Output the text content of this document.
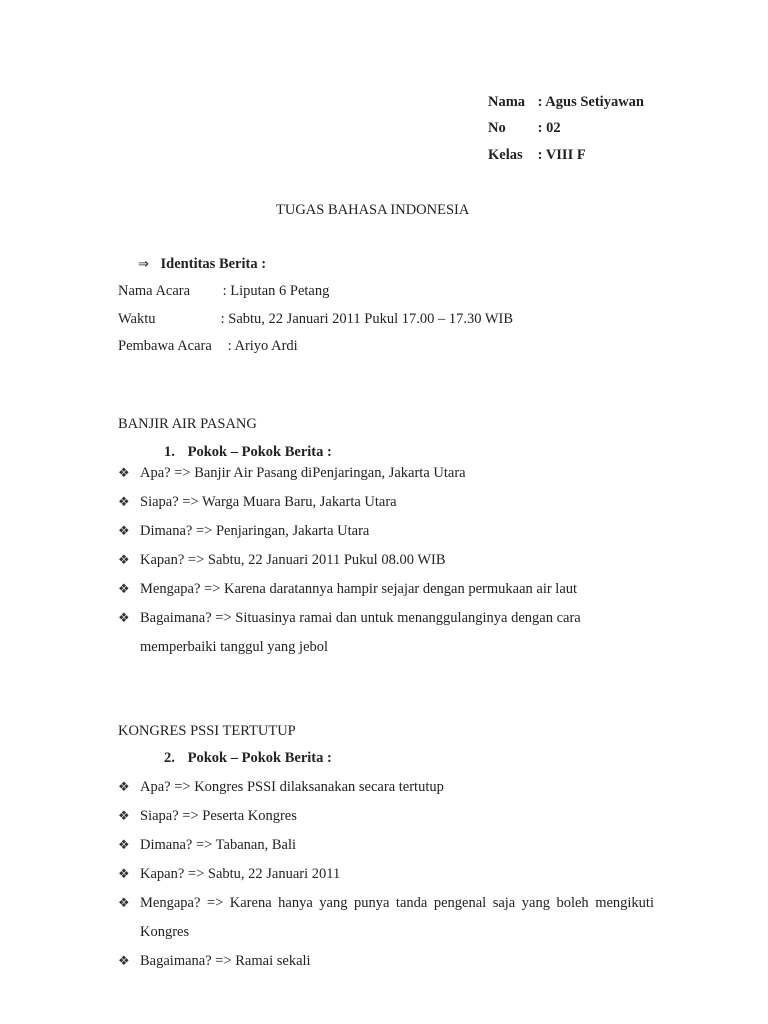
Nama : Agus Setiyawan
No : 02
Kelas : VIII F
TUGAS BAHASA INDONESIA
⇒ Identitas Berita :
Nama Acara : Liputan 6 Petang
Waktu	: Sabtu, 22 Januari 2011 Pukul 17.00 – 17.30 WIB
Pembawa Acara : Ariyo Ardi
BANJIR AIR PASANG
1. Pokok – Pokok Berita :
❖ Apa? => Banjir Air Pasang diPenjaringan, Jakarta Utara
❖ Siapa? => Warga Muara Baru, Jakarta Utara
❖ Dimana? => Penjaringan, Jakarta Utara
❖ Kapan? => Sabtu, 22 Januari 2011 Pukul 08.00 WIB
❖ Mengapa? => Karena daratannya hampir sejajar dengan permukaan air laut
❖ Bagaimana? => Situasinya ramai dan untuk menanggulanginya dengan cara memperbaiki tanggul yang jebol
KONGRES PSSI TERTUTUP
2. Pokok – Pokok Berita :
❖ Apa? => Kongres PSSI dilaksanakan secara tertutup
❖ Siapa? => Peserta Kongres
❖ Dimana? => Tabanan, Bali
❖ Kapan? => Sabtu, 22 Januari 2011
❖ Mengapa? => Karena hanya yang punya tanda pengenal saja yang boleh mengikuti Kongres
❖ Bagaimana? => Ramai sekali
